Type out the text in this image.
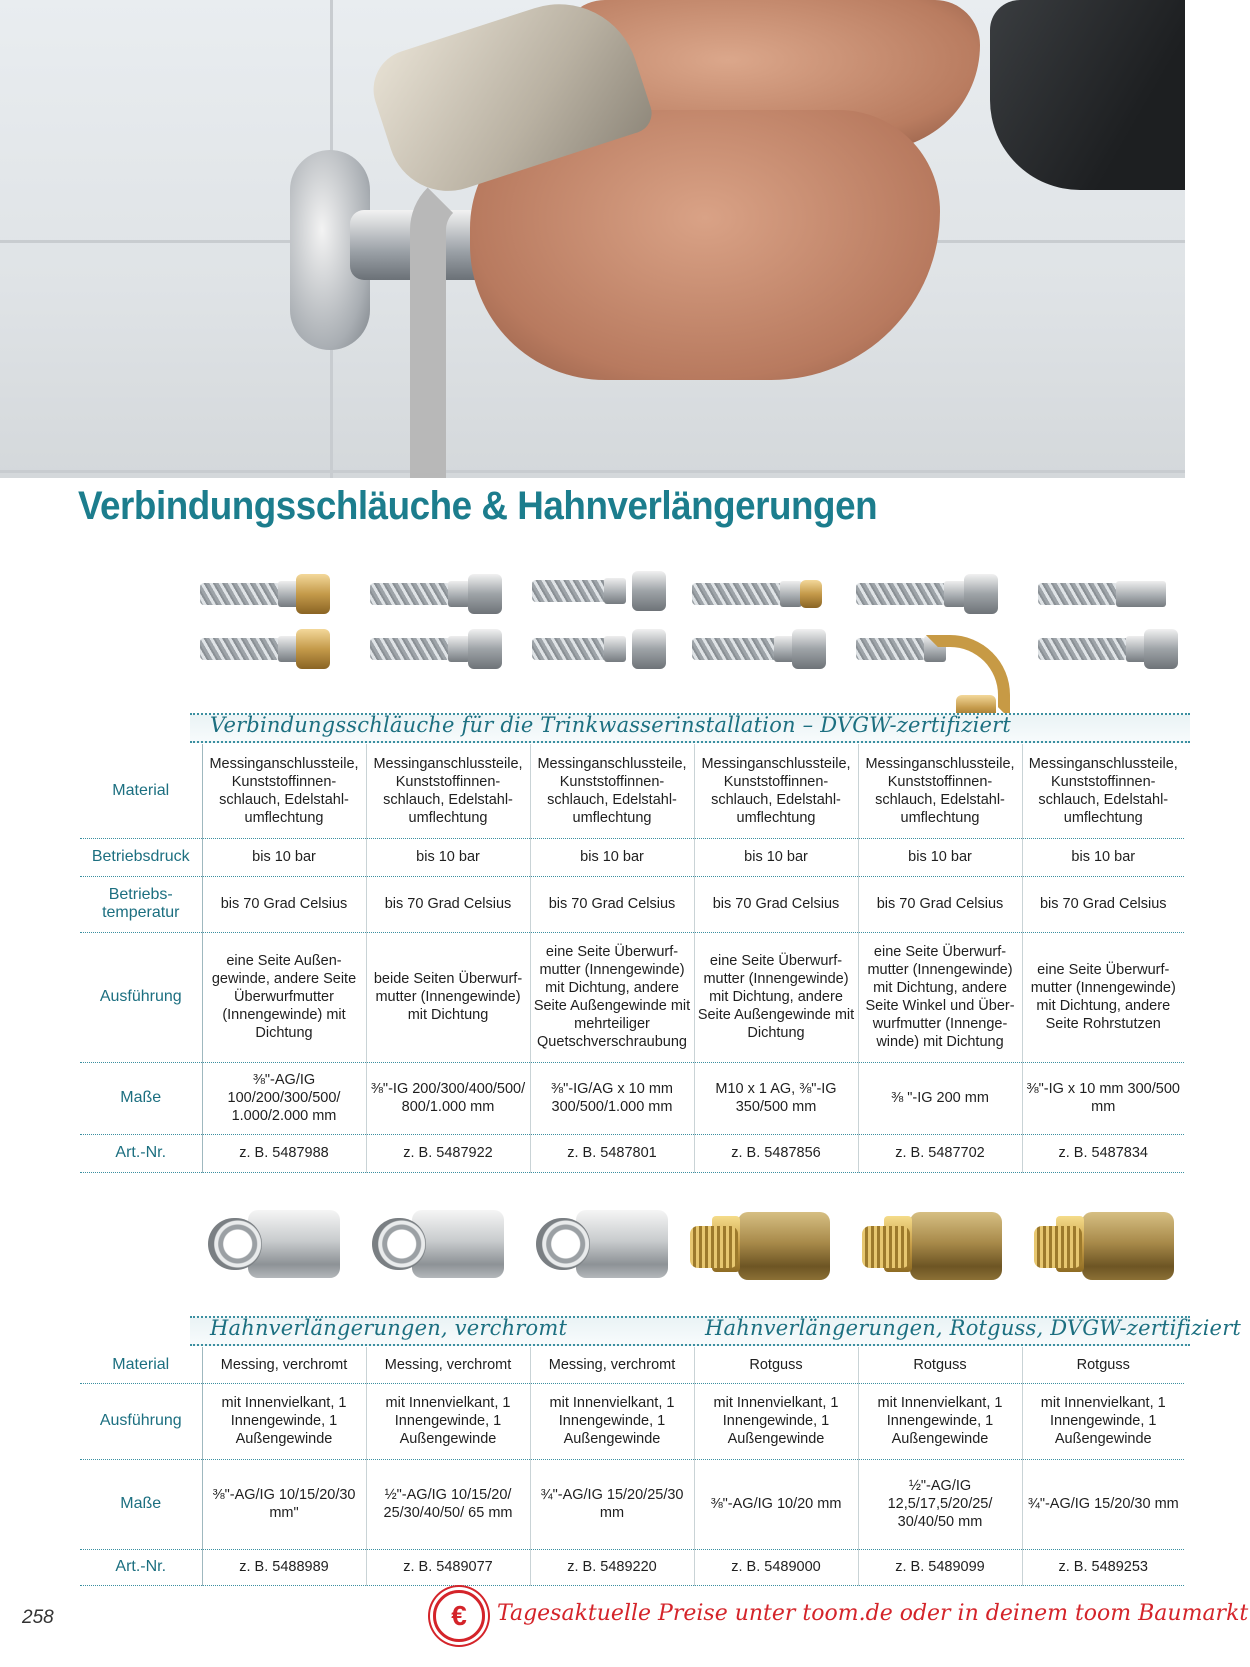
Verbindungsschläuche & Hahnverlängerungen
Verbindungsschläuche für die Trinkwasserinstallation – DVGW-zertifiziert
Material	Messinganschlussteile, Kunststoffinnen-schlauch, Edelstahl-umflechtung	Messinganschlussteile, Kunststoffinnen-schlauch, Edelstahl-umflechtung	Messinganschlussteile, Kunststoffinnen-schlauch, Edelstahl-umflechtung	Messinganschlussteile, Kunststoffinnen-schlauch, Edelstahl-umflechtung	Messinganschlussteile, Kunststoffinnen-schlauch, Edelstahl-umflechtung	Messinganschlussteile, Kunststoffinnen-schlauch, Edelstahl-umflechtung
Betriebsdruck	bis 10 bar	bis 10 bar	bis 10 bar	bis 10 bar	bis 10 bar	bis 10 bar
Betriebs-temperatur	bis 70 Grad Celsius	bis 70 Grad Celsius	bis 70 Grad Celsius	bis 70 Grad Celsius	bis 70 Grad Celsius	bis 70 Grad Celsius
Ausführung	eine Seite Außen-gewinde, andere Seite Überwurfmutter (Innengewinde) mit Dichtung	beide Seiten Überwurf-mutter (Innengewinde) mit Dichtung	eine Seite Überwurf-mutter (Innengewinde) mit Dichtung, andere Seite Außengewinde mit mehrteiliger Quetschverschraubung	eine Seite Überwurf-mutter (Innengewinde) mit Dichtung, andere Seite Außengewinde mit Dichtung	eine Seite Überwurf-mutter (Innengewinde) mit Dichtung, andere Seite Winkel und Über-wurfmutter (Innenge-winde) mit Dichtung	eine Seite Überwurf-mutter (Innengewinde) mit Dichtung, andere Seite Rohrstutzen
Maße	⅜"-AG/IG 100/200/300/500/ 1.000/2.000 mm	⅜"-IG 200/300/400/500/ 800/1.000 mm	⅜"-IG/AG x 10 mm 300/500/1.000 mm	M10 x 1 AG, ⅜"-IG 350/500 mm	⅜ "-IG 200 mm	⅜"-IG x 10 mm 300/500 mm
Art.-Nr.	z. B. 5487988	z. B. 5487922	z. B. 5487801	z. B. 5487856	z. B. 5487702	z. B. 5487834
Hahnverlängerungen, verchromt	Hahnverlängerungen, Rotguss, DVGW-zertifiziert
Material	Messing, verchromt	Messing, verchromt	Messing, verchromt	Rotguss	Rotguss	Rotguss
Ausführung	mit Innenvielkant, 1 Innengewinde, 1 Außengewinde	mit Innenvielkant, 1 Innengewinde, 1 Außengewinde	mit Innenvielkant, 1 Innengewinde, 1 Außengewinde	mit Innenvielkant, 1 Innengewinde, 1 Außengewinde	mit Innenvielkant, 1 Innengewinde, 1 Außengewinde	mit Innenvielkant, 1 Innengewinde, 1 Außengewinde
Maße	⅜"-AG/IG 10/15/20/30 mm"	½"-AG/IG 10/15/20/ 25/30/40/50/ 65 mm	¾"-AG/IG 15/20/25/30 mm	⅜"-AG/IG 10/20 mm	½"-AG/IG 12,5/17,5/20/25/ 30/40/50 mm	¾"-AG/IG 15/20/30 mm
Art.-Nr.	z. B. 5488989	z. B. 5489077	z. B. 5489220	z. B. 5489000	z. B. 5489099	z. B. 5489253
258	€	Tagesaktuelle Preise unter toom.de oder in deinem toom Baumarkt
